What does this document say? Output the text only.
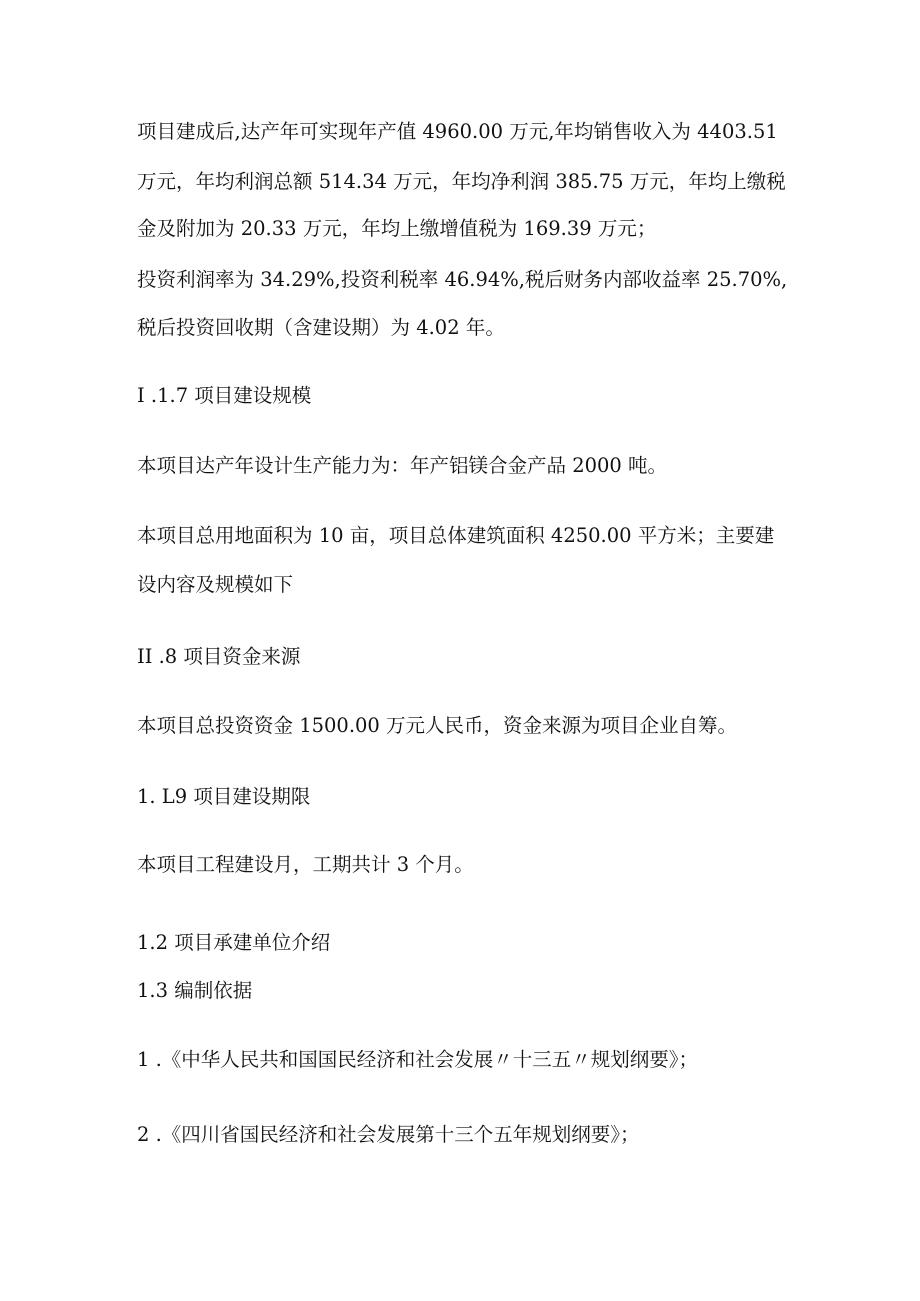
项目建成后,达产年可实现年产值 4960.00 万元,年均销售收入为 4403.51
万元，年均利润总额 514.34 万元，年均净利润 385.75 万元，年均上缴税
金及附加为 20.33 万元，年均上缴增值税为 169.39 万元；
投资利润率为 34.29%,投资利税率 46.94%,税后财务内部收益率 25.70%,
税后投资回收期（含建设期）为 4.02 年。
I .1.7 项目建设规模
本项目达产年设计生产能力为：年产铝镁合金产品 2000 吨。
本项目总用地面积为 10 亩，项目总体建筑面积 4250.00 平方米；主要建
设内容及规模如下
II .8 项目资金来源
本项目总投资资金 1500.00 万元人民币，资金来源为项目企业自筹。
1. L9 项目建设期限
本项目工程建设月，工期共计 3 个月。
1.2 项目承建单位介绍
1.3 编制依据
1 .《中华人民共和国国民经济和社会发展〃十三五〃规划纲要》；
2 .《四川省国民经济和社会发展第十三个五年规划纲要》；
